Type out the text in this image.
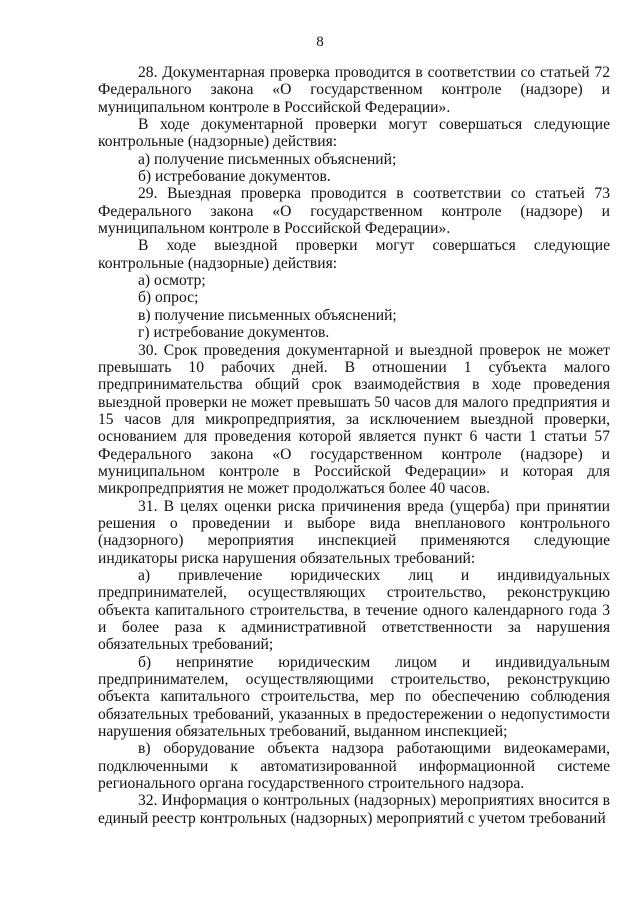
8

28. Документарная проверка проводится в соответствии со статьей 72 Федерального закона «О государственном контроле (надзоре) и муниципальном контроле в Российской Федерации».

В ходе документарной проверки могут совершаться следующие контрольные (надзорные) действия:

а) получение письменных объяснений;

б) истребование документов.

29. Выездная проверка проводится в соответствии со статьей 73 Федерального закона «О государственном контроле (надзоре) и муниципальном контроле в Российской Федерации».

В ходе выездной проверки могут совершаться следующие контрольные (надзорные) действия:

а) осмотр;

б) опрос;

в) получение письменных объяснений;

г) истребование документов.

30. Срок проведения документарной и выездной проверок не может превышать 10 рабочих дней. В отношении 1 субъекта малого предпринимательства общий срок взаимодействия в ходе проведения выездной проверки не может превышать 50 часов для малого предприятия и 15 часов для микропредприятия, за исключением выездной проверки, основанием для проведения которой является пункт 6 части 1 статьи 57 Федерального закона «О государственном контроле (надзоре) и муниципальном контроле в Российской Федерации» и которая для микропредприятия не может продолжаться более 40 часов.

31. В целях оценки риска причинения вреда (ущерба) при принятии решения о проведении и выборе вида внепланового контрольного (надзорного) мероприятия инспекцией применяются следующие индикаторы риска нарушения обязательных требований:

а) привлечение юридических лиц и индивидуальных предпринимателей, осуществляющих строительство, реконструкцию объекта капитального строительства, в течение одного календарного года 3 и более раза к административной ответственности за нарушения обязательных требований;

б) непринятие юридическим лицом и индивидуальным предпринимателем, осуществляющими строительство, реконструкцию объекта капитального строительства, мер по обеспечению соблюдения обязательных требований, указанных в предостережении о недопустимости нарушения обязательных требований, выданном инспекцией;

в) оборудование объекта надзора работающими видеокамерами, подключенными к автоматизированной информационной системе регионального органа государственного строительного надзора.

32. Информация о контрольных (надзорных) мероприятиях вносится в единый реестр контрольных (надзорных) мероприятий с учетом требований
